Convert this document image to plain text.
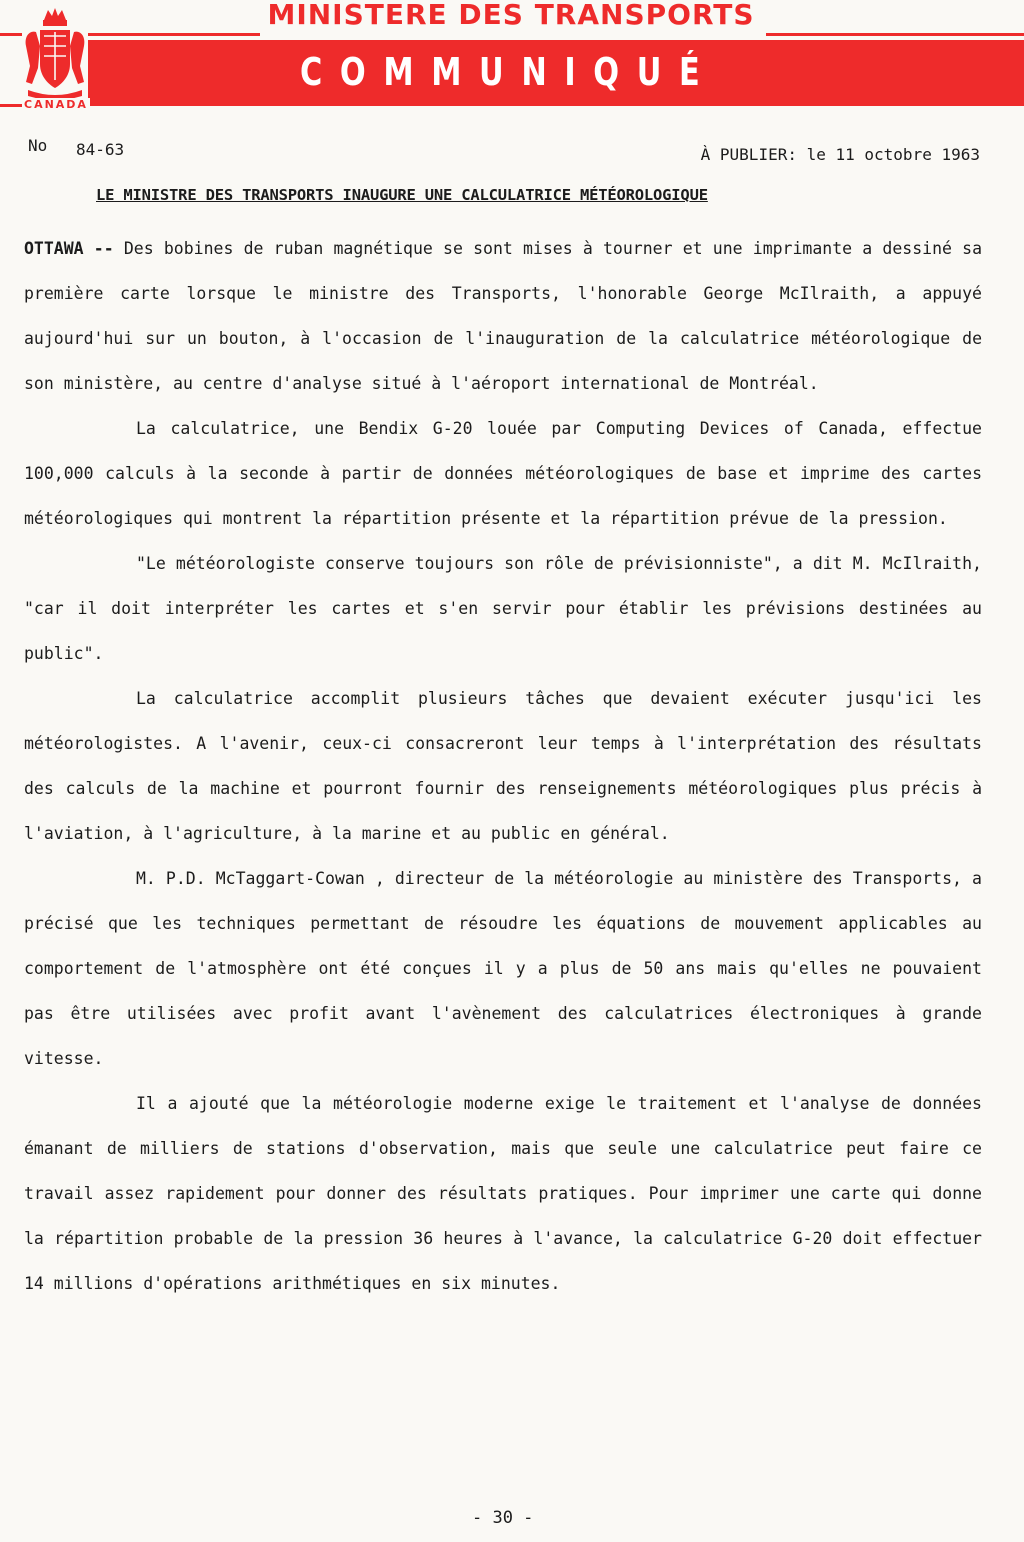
MINISTERE DES TRANSPORTS
COMMUNIQUÉ
CANADA
No 84-63	À PUBLIER: le 11 octobre 1963
LE MINISTRE DES TRANSPORTS INAUGURE UNE CALCULATRICE MÉTÉOROLOGIQUE

OTTAWA -- Des bobines de ruban magnétique se sont mises à tourner et une imprimante a dessiné sa première carte lorsque le ministre des Transports, l'honorable George McIlraith, a appuyé aujourd'hui sur un bouton, à l'occasion de l'inauguration de la calculatrice météorologique de son ministère, au centre d'analyse situé à l'aéroport international de Montréal.

La calculatrice, une Bendix G-20 louée par Computing Devices of Canada, effectue 100,000 calculs à la seconde à partir de données météorologiques de base et imprime des cartes météorologiques qui montrent la répartition présente et la répartition prévue de la pression.

"Le météorologiste conserve toujours son rôle de prévisionniste", a dit M. McIlraith, "car il doit interpréter les cartes et s'en servir pour établir les prévisions destinées au public".

La calculatrice accomplit plusieurs tâches que devaient exécuter jusqu'ici les météorologistes. A l'avenir, ceux-ci consacreront leur temps à l'interprétation des résultats des calculs de la machine et pourront fournir des renseignements météorologiques plus précis à l'aviation, à l'agriculture, à la marine et au public en général.

M. P.D. McTaggart-Cowan , directeur de la météorologie au ministère des Transports, a précisé que les techniques permettant de résoudre les équations de mouvement applicables au comportement de l'atmosphère ont été conçues il y a plus de 50 ans mais qu'elles ne pouvaient pas être utilisées avec profit avant l'avènement des calculatrices électroniques à grande vitesse.

Il a ajouté que la météorologie moderne exige le traitement et l'analyse de données émanant de milliers de stations d'observation, mais que seule une calculatrice peut faire ce travail assez rapidement pour donner des résultats pratiques. Pour imprimer une carte qui donne la répartition probable de la pression 36 heures à l'avance, la calculatrice G-20 doit effectuer 14 millions d'opérations arithmétiques en six minutes.

- 30 -
